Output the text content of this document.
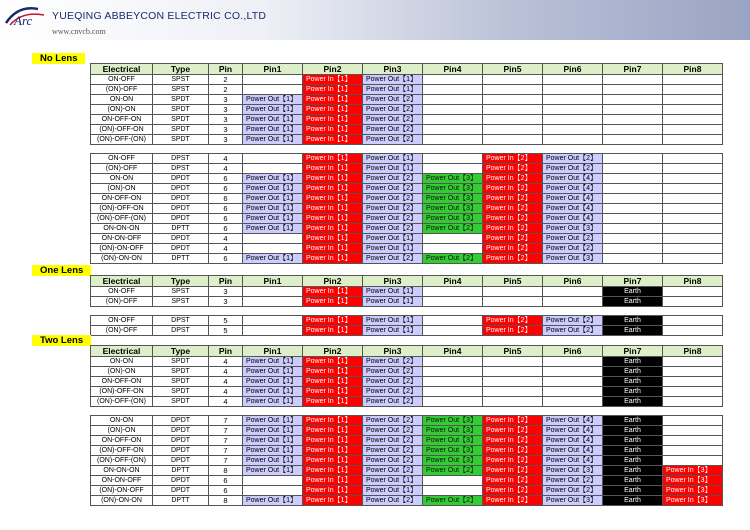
Arc YUEQING ABBEYCON ELECTRIC CO.,LTD
www.cnvcb.com
No Lens
Electrical	Type	Pin	Pin1	Pin2	Pin3	Pin4	Pin5	Pin6	Pin7	Pin8
ON-OFF	SPST	2		Power In【1】	Power Out【1】					
(ON)-OFF	SPST	2		Power In【1】	Power Out【1】					
ON-ON	SPDT	3	Power Out【1】	Power In【1】	Power Out【2】					
(ON)-ON	SPDT	3	Power Out【1】	Power In【1】	Power Out【2】					
ON-OFF-ON	SPDT	3	Power Out【1】	Power In【1】	Power Out【2】					
(ON)-OFF-ON	SPDT	3	Power Out【1】	Power In【1】	Power Out【2】					
(ON)-OFF-(ON)	SPDT	3	Power Out【1】	Power In【1】	Power Out【2】					
ON-OFF	DPST	4		Power In【1】	Power Out【1】		Power In【2】	Power Out【2】		
(ON)-OFF	DPST	4		Power In【1】	Power Out【1】		Power In【2】	Power Out【2】		
ON-ON	DPDT	6	Power Out【1】	Power In【1】	Power Out【2】	Power Out【3】	Power In【2】	Power Out【4】		
(ON)-ON	DPDT	6	Power Out【1】	Power In【1】	Power Out【2】	Power Out【3】	Power In【2】	Power Out【4】		
ON-OFF-ON	DPDT	6	Power Out【1】	Power In【1】	Power Out【2】	Power Out【3】	Power In【2】	Power Out【4】		
(ON)-OFF-ON	DPDT	6	Power Out【1】	Power In【1】	Power Out【2】	Power Out【3】	Power In【2】	Power Out【4】		
(ON)-OFF-(ON)	DPDT	6	Power Out【1】	Power In【1】	Power Out【2】	Power Out【3】	Power In【2】	Power Out【4】		
ON-ON-ON	DPTT	6	Power Out【1】	Power In【1】	Power Out【2】	Power Out【2】	Power In【2】	Power Out【3】		
ON-ON-OFF	DPDT	4		Power In【1】	Power Out【1】		Power In【2】	Power Out【2】		
(ON)-ON-OFF	DPDT	4		Power In【1】	Power Out【1】		Power In【2】	Power Out【2】		
(ON)-ON-ON	DPTT	6	Power Out【1】	Power In【1】	Power Out【2】	Power Out【2】	Power In【2】	Power Out【3】		
One Lens
Electrical	Type	Pin	Pin1	Pin2	Pin3	Pin4	Pin5	Pin6	Pin7	Pin8
ON-OFF	SPST	3		Power In【1】	Power Out【1】				Earth	
(ON)-OFF	SPST	3		Power In【1】	Power Out【1】				Earth	
ON-OFF	DPST	5		Power In【1】	Power Out【1】		Power In【2】	Power Out【2】	Earth	
(ON)-OFF	DPST	5		Power In【1】	Power Out【1】		Power In【2】	Power Out【2】	Earth	
Two Lens
Electrical	Type	Pin	Pin1	Pin2	Pin3	Pin4	Pin5	Pin6	Pin7	Pin8
ON-ON	SPDT	4	Power Out【1】	Power In【1】	Power Out【2】				Earth	
(ON)-ON	SPDT	4	Power Out【1】	Power In【1】	Power Out【2】				Earth	
ON-OFF-ON	SPDT	4	Power Out【1】	Power In【1】	Power Out【2】				Earth	
(ON)-OFF-ON	SPDT	4	Power Out【1】	Power In【1】	Power Out【2】				Earth	
(ON)-OFF-(ON)	SPDT	4	Power Out【1】	Power In【1】	Power Out【2】				Earth	
ON-ON	DPDT	7	Power Out【1】	Power In【1】	Power Out【2】	Power Out【3】	Power In【2】	Power Out【4】	Earth	
(ON)-ON	DPDT	7	Power Out【1】	Power In【1】	Power Out【2】	Power Out【3】	Power In【2】	Power Out【4】	Earth	
ON-OFF-ON	DPDT	7	Power Out【1】	Power In【1】	Power Out【2】	Power Out【3】	Power In【2】	Power Out【4】	Earth	
(ON)-OFF-ON	DPDT	7	Power Out【1】	Power In【1】	Power Out【2】	Power Out【3】	Power In【2】	Power Out【4】	Earth	
(ON)-OFF-(ON)	DPDT	7	Power Out【1】	Power In【1】	Power Out【2】	Power Out【3】	Power In【2】	Power Out【4】	Earth	
ON-ON-ON	DPTT	8	Power Out【1】	Power In【1】	Power Out【2】	Power Out【2】	Power In【2】	Power Out【3】	Earth	Power In【3】
ON-ON-OFF	DPDT	6		Power In【1】	Power Out【1】		Power In【2】	Power Out【2】	Earth	Power In【3】
(ON)-ON-OFF	DPDT	6		Power In【1】	Power Out【1】		Power In【2】	Power Out【2】	Earth	Power In【3】
(ON)-ON-ON	DPTT	8	Power Out【1】	Power In【1】	Power Out【2】	Power Out【2】	Power In【2】	Power Out【3】	Earth	Power In【3】
